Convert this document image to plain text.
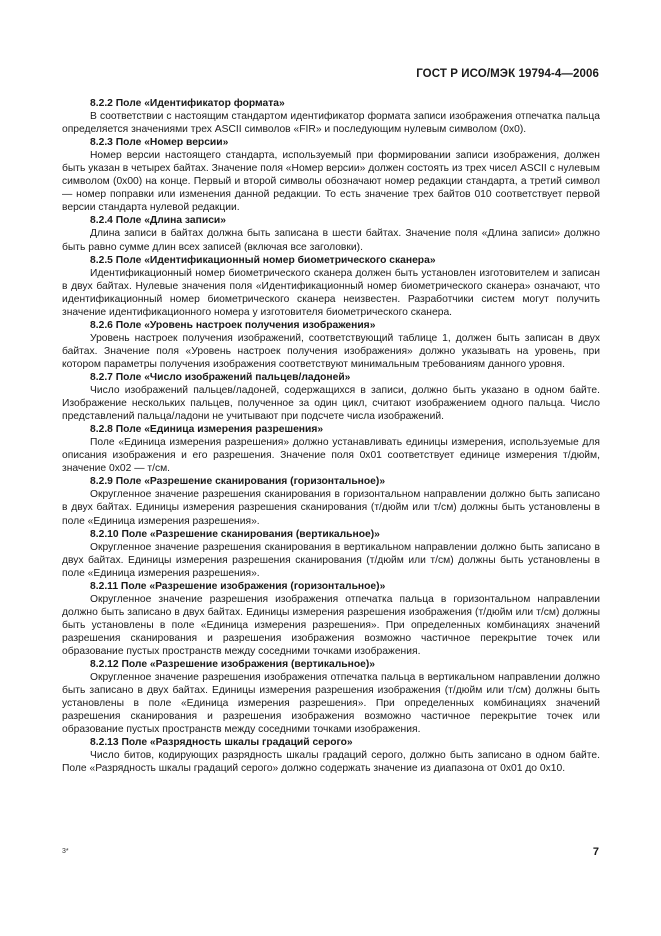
ГОСТ Р ИСО/МЭК 19794-4—2006

8.2.2 Поле «Идентификатор формата»

В соответствии с настоящим стандартом идентификатор формата записи изображения отпечатка пальца определяется значениями трех ASCII символов «FIR» и последующим нулевым символом (0x0).

8.2.3 Поле «Номер версии»

Номер версии настоящего стандарта, используемый при формировании записи изображения, должен быть указан в четырех байтах. Значение поля «Номер версии» должен состоять из трех чисел ASCII с нулевым символом (0x00) на конце. Первый и второй символы обозначают номер редакции стандарта, а третий символ — номер поправки или изменения данной редакции. То есть значение трех байтов 010 соответствует первой версии стандарта нулевой редакции.

8.2.4 Поле «Длина записи»

Длина записи в байтах должна быть записана в шести байтах. Значение поля «Длина записи» должно быть равно сумме длин всех записей (включая все заголовки).

8.2.5 Поле «Идентификационный номер биометрического сканера»

Идентификационный номер биометрического сканера должен быть установлен изготовителем и записан в двух байтах. Нулевые значения поля «Идентификационный номер биометрического сканера» означают, что идентификационный номер биометрического сканера неизвестен. Разработчики систем могут получить значение идентификационного номера у изготовителя биометрического сканера.

8.2.6 Поле «Уровень настроек получения изображения»

Уровень настроек получения изображений, соответствующий таблице 1, должен быть записан в двух байтах. Значение поля «Уровень настроек получения изображения» должно указывать на уровень, при котором параметры получения изображения соответствуют минимальным требованиям данного уровня.

8.2.7 Поле «Число изображений пальцев/ладоней»

Число изображений пальцев/ладоней, содержащихся в записи, должно быть указано в одном байте. Изображение нескольких пальцев, полученное за один цикл, считают изображением одного пальца. Число представлений пальца/ладони не учитывают при подсчете числа изображений.

8.2.8 Поле «Единица измерения разрешения»

Поле «Единица измерения разрешения» должно устанавливать единицы измерения, используемые для описания изображения и его разрешения. Значение поля 0x01 соответствует единице измерения т/дюйм, значение 0x02 — т/см.

8.2.9 Поле «Разрешение сканирования (горизонтальное)»

Округленное значение разрешения сканирования в горизонтальном направлении должно быть записано в двух байтах. Единицы измерения разрешения сканирования (т/дюйм или т/см) должны быть установлены в поле «Единица измерения разрешения».

8.2.10 Поле «Разрешение сканирования (вертикальное)»

Округленное значение разрешения сканирования в вертикальном направлении должно быть записано в двух байтах. Единицы измерения разрешения сканирования (т/дюйм или т/см) должны быть установлены в поле «Единица измерения разрешения».

8.2.11 Поле «Разрешение изображения (горизонтальное)»

Округленное значение разрешения изображения отпечатка пальца в горизонтальном направлении должно быть записано в двух байтах. Единицы измерения разрешения изображения (т/дюйм или т/см) должны быть установлены в поле «Единица измерения разрешения». При определенных комбинациях значений разрешения сканирования и разрешения изображения возможно частичное перекрытие точек или образование пустых пространств между соседними точками изображения.

8.2.12 Поле «Разрешение изображения (вертикальное)»

Округленное значение разрешения изображения отпечатка пальца в вертикальном направлении должно быть записано в двух байтах. Единицы измерения разрешения изображения (т/дюйм или т/см) должны быть установлены в поле «Единица измерения разрешения». При определенных комбинациях значений разрешения сканирования и разрешения изображения возможно частичное перекрытие точек или образование пустых пространств между соседними точками изображения.

8.2.13 Поле «Разрядность шкалы градаций серого»

Число битов, кодирующих разрядность шкалы градаций серого, должно быть записано в одном байте. Поле «Разрядность шкалы градаций серого» должно содержать значение из диапазона от 0x01 до 0x10.

3*	7
